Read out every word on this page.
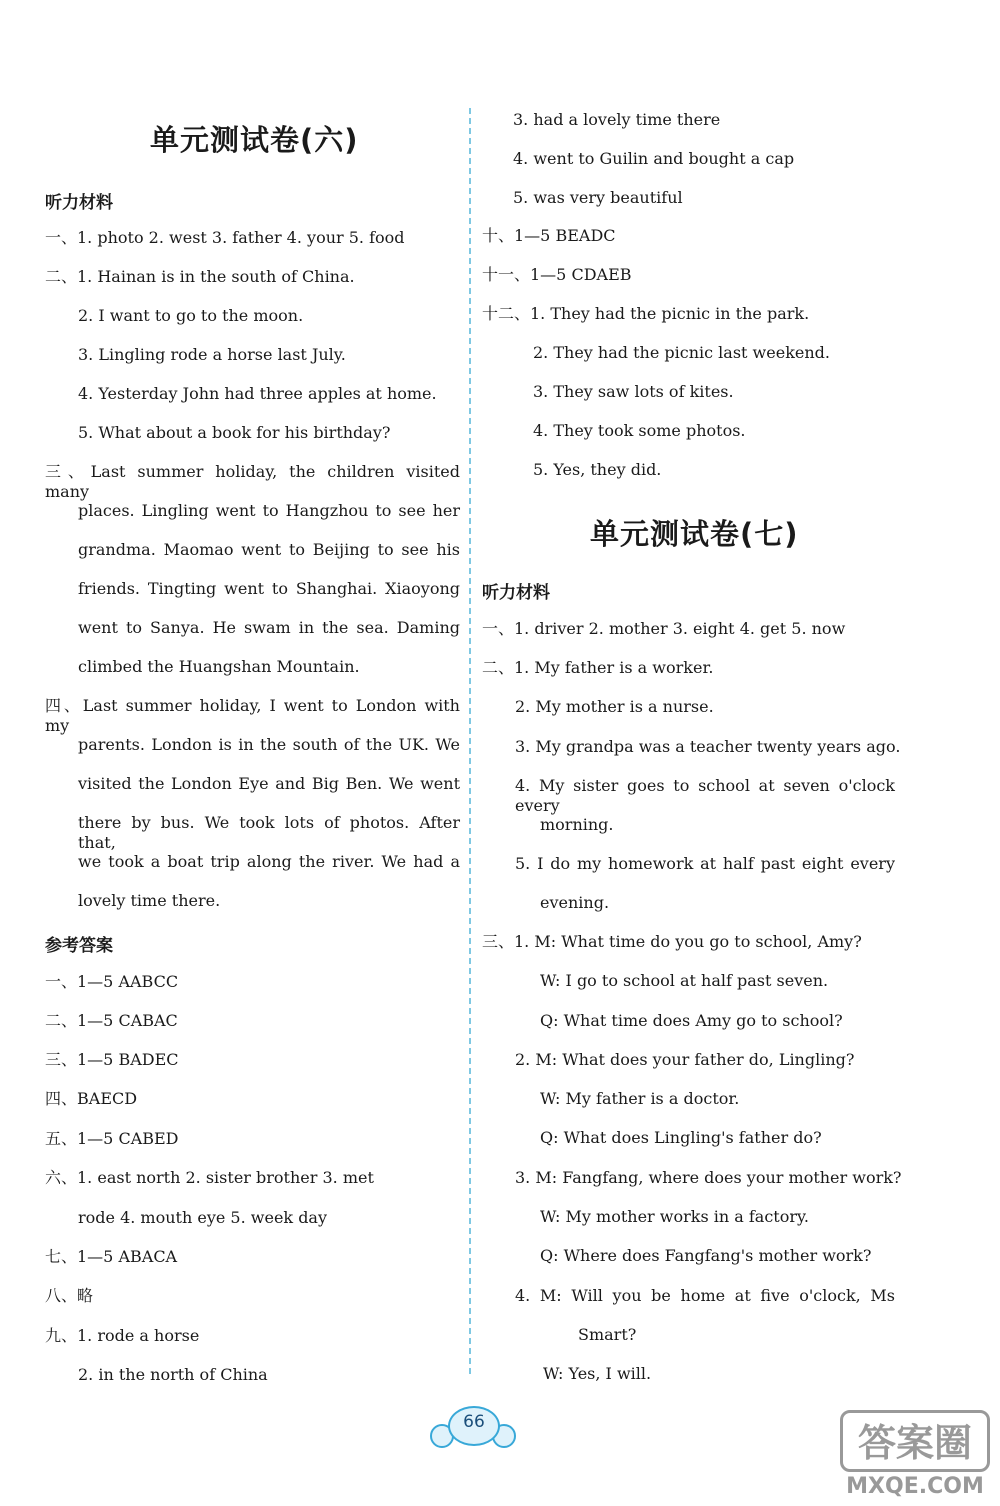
单元测试卷(六)
听力材料
一、1. photo 2. west 3. father 4. your 5. food
二、1. Hainan is in the south of China.
2. I want to go to the moon.
3. Lingling rode a horse last July.
4. Yesterday John had three apples at home.
5. What about a book for his birthday?
三、Last summer holiday, the children visited many
places. Lingling went to Hangzhou to see her
grandma. Maomao went to Beijing to see his
friends. Tingting went to Shanghai. Xiaoyong
went to Sanya. He swam in the sea. Daming
climbed the Huangshan Mountain.
四、Last summer holiday, I went to London with my
parents. London is in the south of the UK. We
visited the London Eye and Big Ben. We went
there by bus. We took lots of photos. After that,
we took a boat trip along the river. We had a
lovely time there.
参考答案
一、1—5 AABCC
二、1—5 CABAC
三、1—5 BADEC
四、BAECD
五、1—5 CABED
六、1. east north 2. sister brother 3. met
rode 4. mouth eye 5. week day
七、1—5 ABACA
八、略
九、1. rode a horse
2. in the north of China
3. had a lovely time there
4. went to Guilin and bought a cap
5. was very beautiful
十、1—5 BEADC
十一、1—5 CDAEB
十二、1. They had the picnic in the park.
2. They had the picnic last weekend.
3. They saw lots of kites.
4. They took some photos.
5. Yes, they did.
单元测试卷(七)
听力材料
一、1. driver 2. mother 3. eight 4. get 5. now
二、1. My father is a worker.
2. My mother is a nurse.
3. My grandpa was a teacher twenty years ago.
4. My sister goes to school at seven o'clock every
morning.
5. I do my homework at half past eight every
evening.
三、1. M: What time do you go to school, Amy?
W: I go to school at half past seven.
Q: What time does Amy go to school?
2. M: What does your father do, Lingling?
W: My father is a doctor.
Q: What does Lingling's father do?
3. M: Fangfang, where does your mother work?
W: My mother works in a factory.
Q: Where does Fangfang's mother work?
4. M: Will you be home at five o'clock, Ms
Smart?
W: Yes, I will.
66	答案圈
MXQE.COM
